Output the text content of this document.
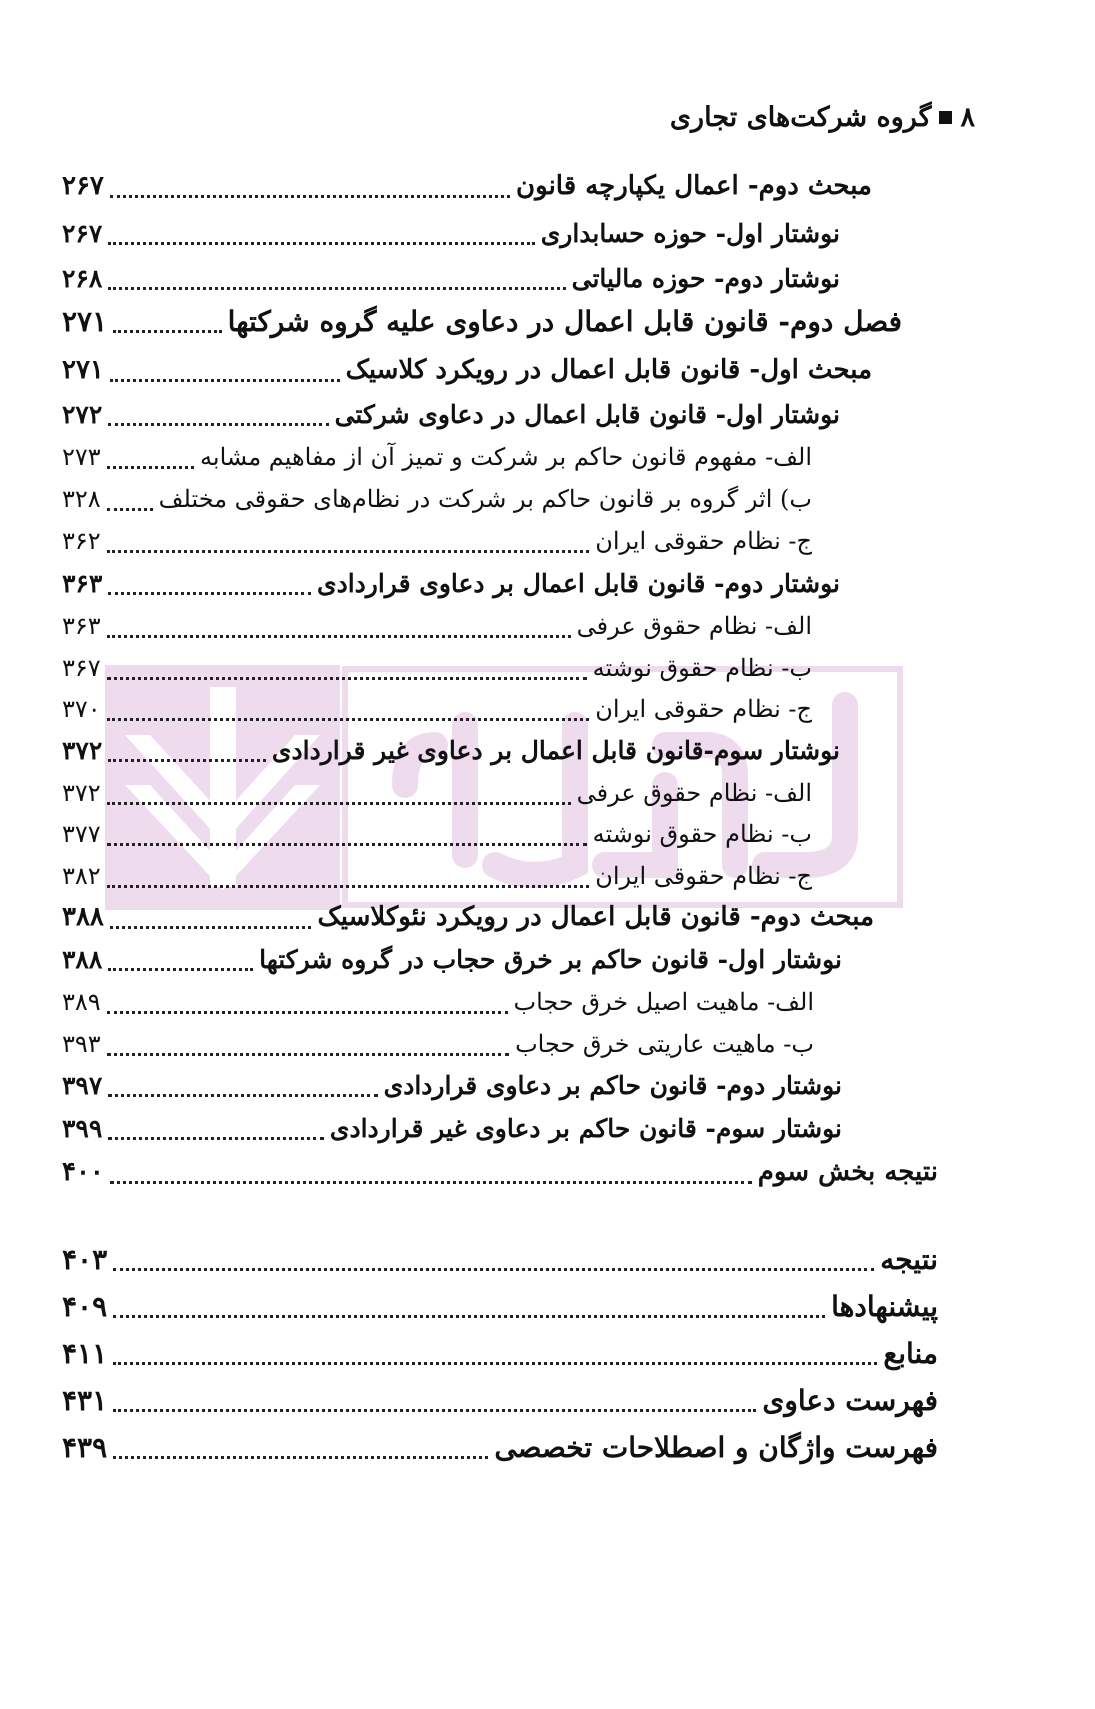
۸
گروه شرکت‌های تجاری
مبحث دوم- اعمال یکپارچه قانون
۲۶۷
نوشتار اول- حوزه حسابداری
۲۶۷
نوشتار دوم- حوزه مالیاتی
۲۶۸
فصل دوم- قانون قابل اعمال در دعاوی علیه گروه شرکتها
۲۷۱
مبحث اول- قانون قابل اعمال در رویکرد کلاسیک
۲۷۱
نوشتار اول- قانون قابل اعمال در دعاوی شرکتی
۲۷۲
الف- مفهوم قانون حاکم بر شرکت و تمیز آن از مفاهیم مشابه
۲۷۳
ب) اثر گروه بر قانون حاکم بر شرکت در نظام‌های حقوقی مختلف
۳۲۸
ج- نظام حقوقی ایران
۳۶۲
نوشتار دوم- قانون قابل اعمال بر دعاوی قراردادی
۳۶۳
الف- نظام حقوق عرفی
۳۶۳
ب- نظام حقوق نوشته
۳۶۷
ج- نظام حقوقی ایران
۳۷۰
نوشتار سوم-قانون قابل اعمال بر دعاوی غیر قراردادی
۳۷۲
الف- نظام حقوق عرفی
۳۷۲
ب- نظام حقوق نوشته
۳۷۷
ج- نظام حقوقی ایران
۳۸۲
مبحث دوم- قانون قابل اعمال در رویکرد نئوکلاسیک
۳۸۸
نوشتار اول- قانون حاکم بر خرق حجاب در گروه شرکتها
۳۸۸
الف- ماهیت اصیل خرق حجاب
۳۸۹
ب- ماهیت عاریتی خرق حجاب
۳۹۳
نوشتار دوم- قانون حاکم بر دعاوی قراردادی
۳۹۷
نوشتار سوم- قانون حاکم بر دعاوی غیر قراردادی
۳۹۹
نتیجه بخش سوم
۴۰۰
نتیجه
۴۰۳
پیشنهادها
۴۰۹
منابع
۴۱۱
فهرست دعاوی
۴۳۱
فهرست واژگان و اصطلاحات تخصصی
۴۳۹
